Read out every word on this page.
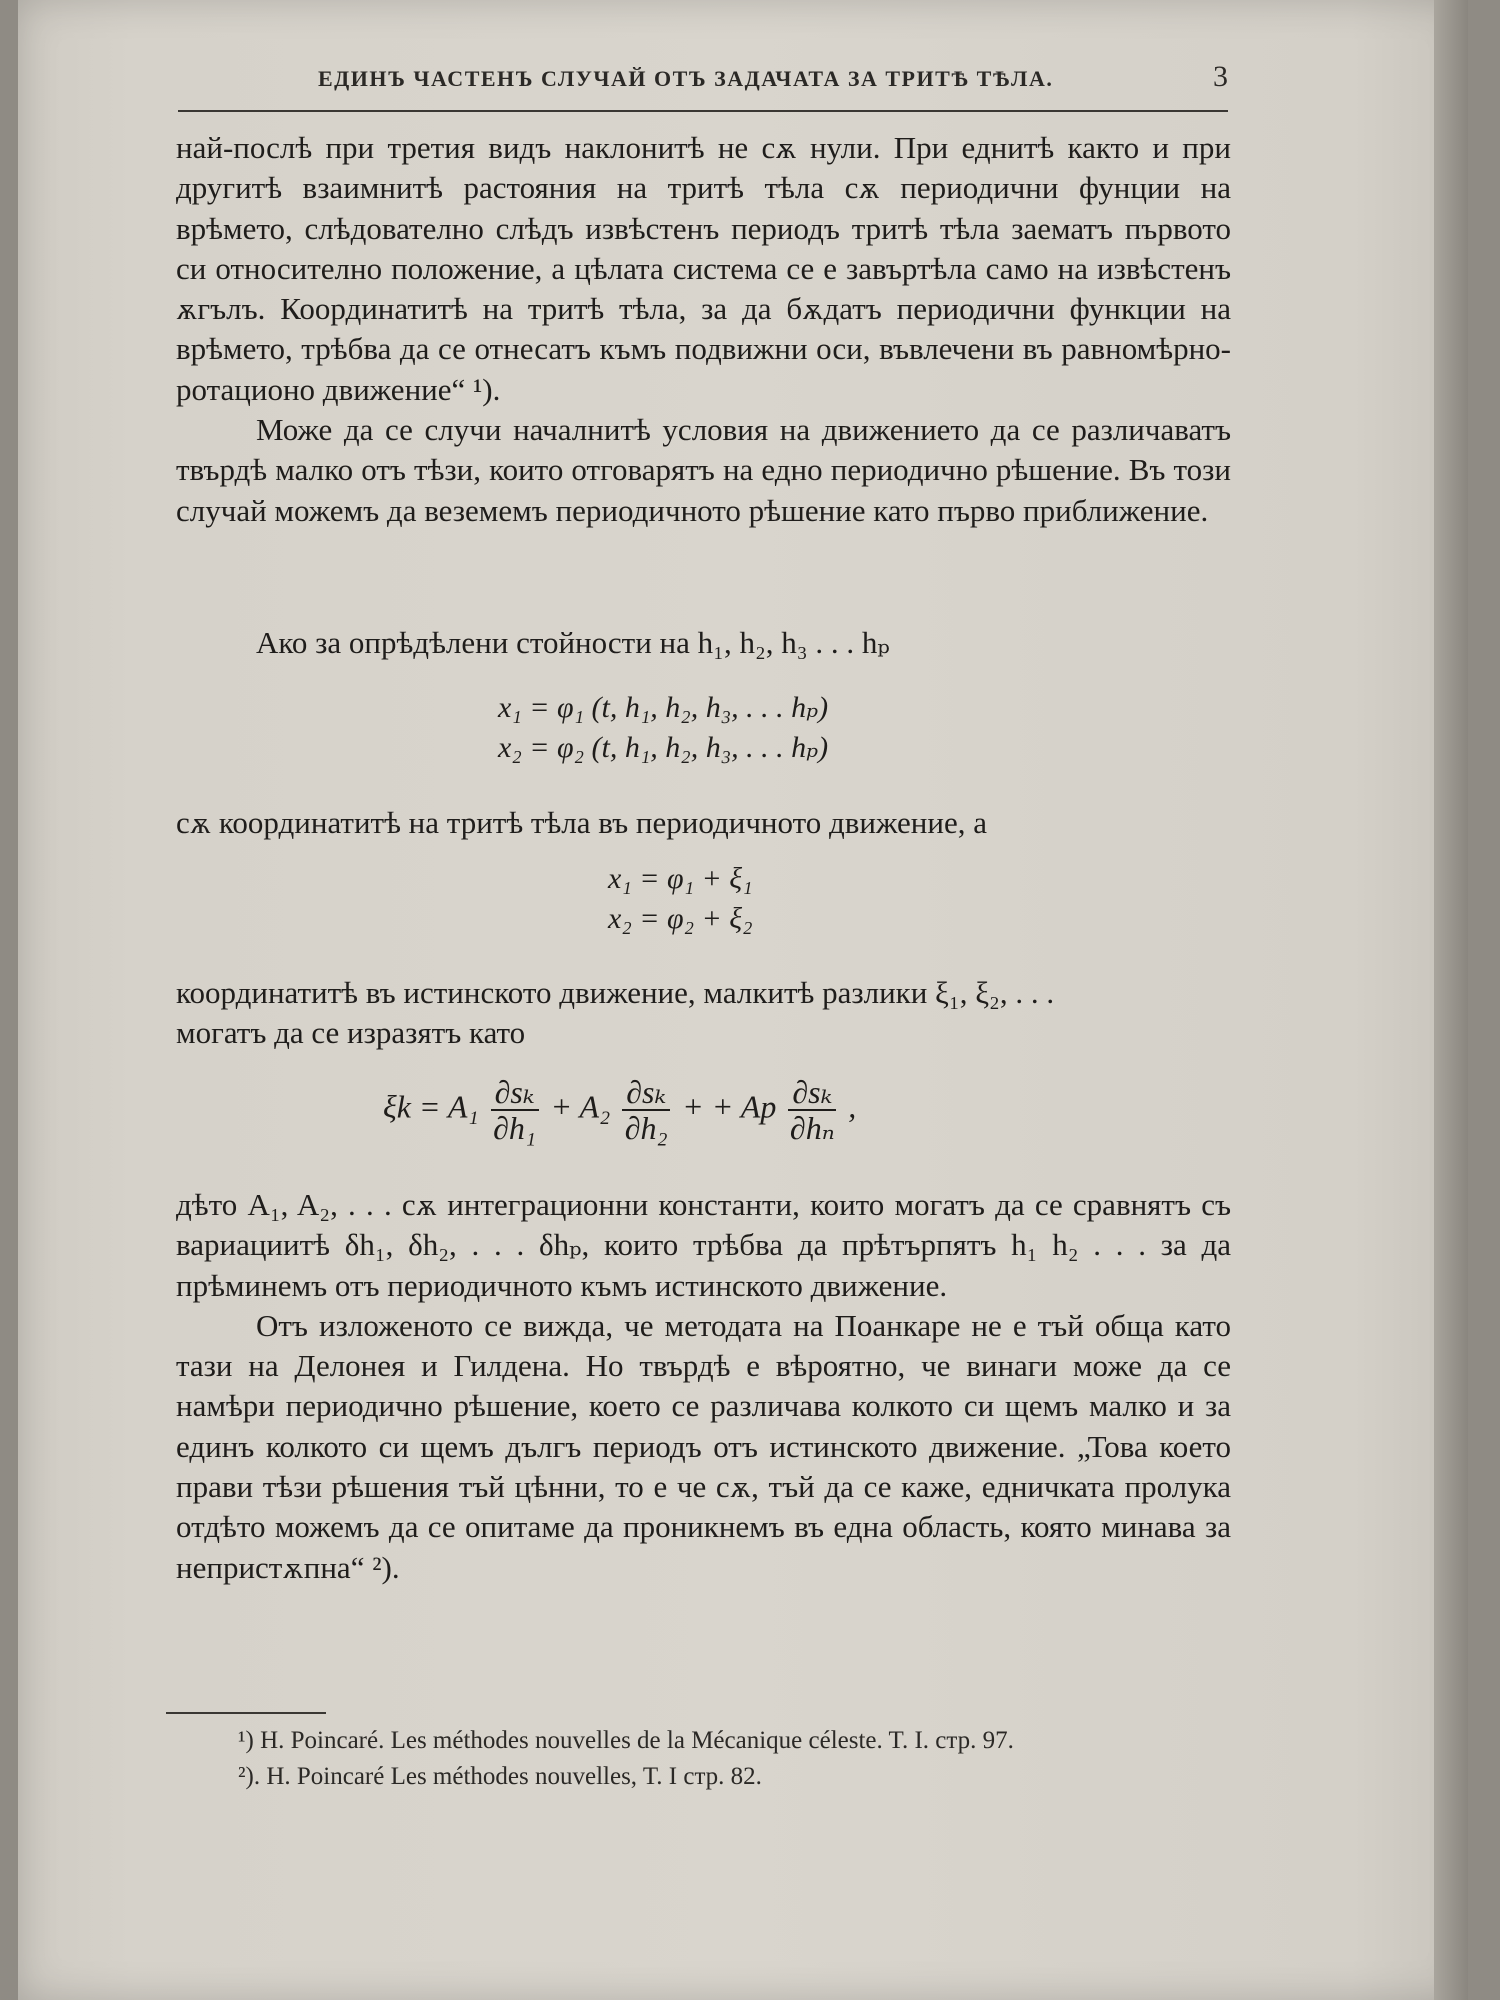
ЕДИНЪ ЧАСТЕНЪ СЛУЧАЙ ОТЪ ЗАДАЧАТА ЗА ТРИТѢ ТѢЛА.	3

най-послѣ при третия видъ наклонитѣ не сѫ нули. При еднитѣ както и при другитѣ взаимнитѣ растояния на тритѣ тѣла сѫ периодични фунции на врѣмето, слѣдователно слѣдъ извѣстенъ периодъ тритѣ тѣла заематъ първото си относително положение, а цѣлата система се е завъртѣла само на извѣстенъ ѫгълъ. Координатитѣ на тритѣ тѣла, за да бѫдатъ периодични функции на врѣмето, трѣбва да се отнесатъ къмъ подвижни оси, въвлечени въ равномѣрно-ротационо движение“ ¹).

Може да се случи началнитѣ условия на движението да се различаватъ твърдѣ малко отъ тѣзи, които отговарятъ на едно периодично рѣшение. Въ този случай можемъ да веземемъ периодичното рѣшение като първо приближение.

Ако за опрѣдѣлени стойности на h₁, h₂, h₃ . . . hₚ
x₁ = φ₁ (t, h₁, h₂, h₃, . . . hₚ)
x₂ = φ₂ (t, h₁, h₂, h₃, . . . hₚ)
сѫ координатитѣ на тритѣ тѣла въ периодичното движение, а
x₁ = φ₁ + ξ₁
x₂ = φ₂ + ξ₂
координатитѣ въ истинското движение, малкитѣ разлики ξ₁, ξ₂, . . .
могатъ да се изразятъ като
$\xi k = A_1 \frac{\text{∂sₖ}}{\text{∂h₁}} + A_2 \frac{\text{∂sₖ}}{\text{∂h₂}}$ + + Ap $\frac{\text{∂sₖ}}{\text{∂hₙ}}$ ,

дѣто A₁, A₂, . . . сѫ интеграционни константи, които могатъ да се сравнятъ съ вариациитѣ δh₁, δh₂, . . . δhₚ, които трѣбва да прѣтърпятъ h₁ h₂ . . . за да прѣминемъ отъ периодичното къмъ истинското движение.

Отъ изложеното се вижда, че методата на Поанкаре не е тъй обща като тази на Делонея и Гилдена. Но твърдѣ е вѣроятно, че винаги може да се намѣри периодично рѣшение, което се различава колкото си щемъ малко и за единъ колкото си щемъ дългъ периодъ отъ истинското движение. „Това което прави тѣзи рѣшения тъй цѣнни, то е че сѫ, тъй да се каже, едничката пролука отдѣто можемъ да се опитаме да проникнемъ въ една область, която минава за непристѫпна“ ²).

¹) H. Poincaré. Les méthodes nouvelles de la Mécanique céleste. T. I. стр. 97.
²). H. Poincaré Les méthodes nouvelles, T. I стр. 82.
